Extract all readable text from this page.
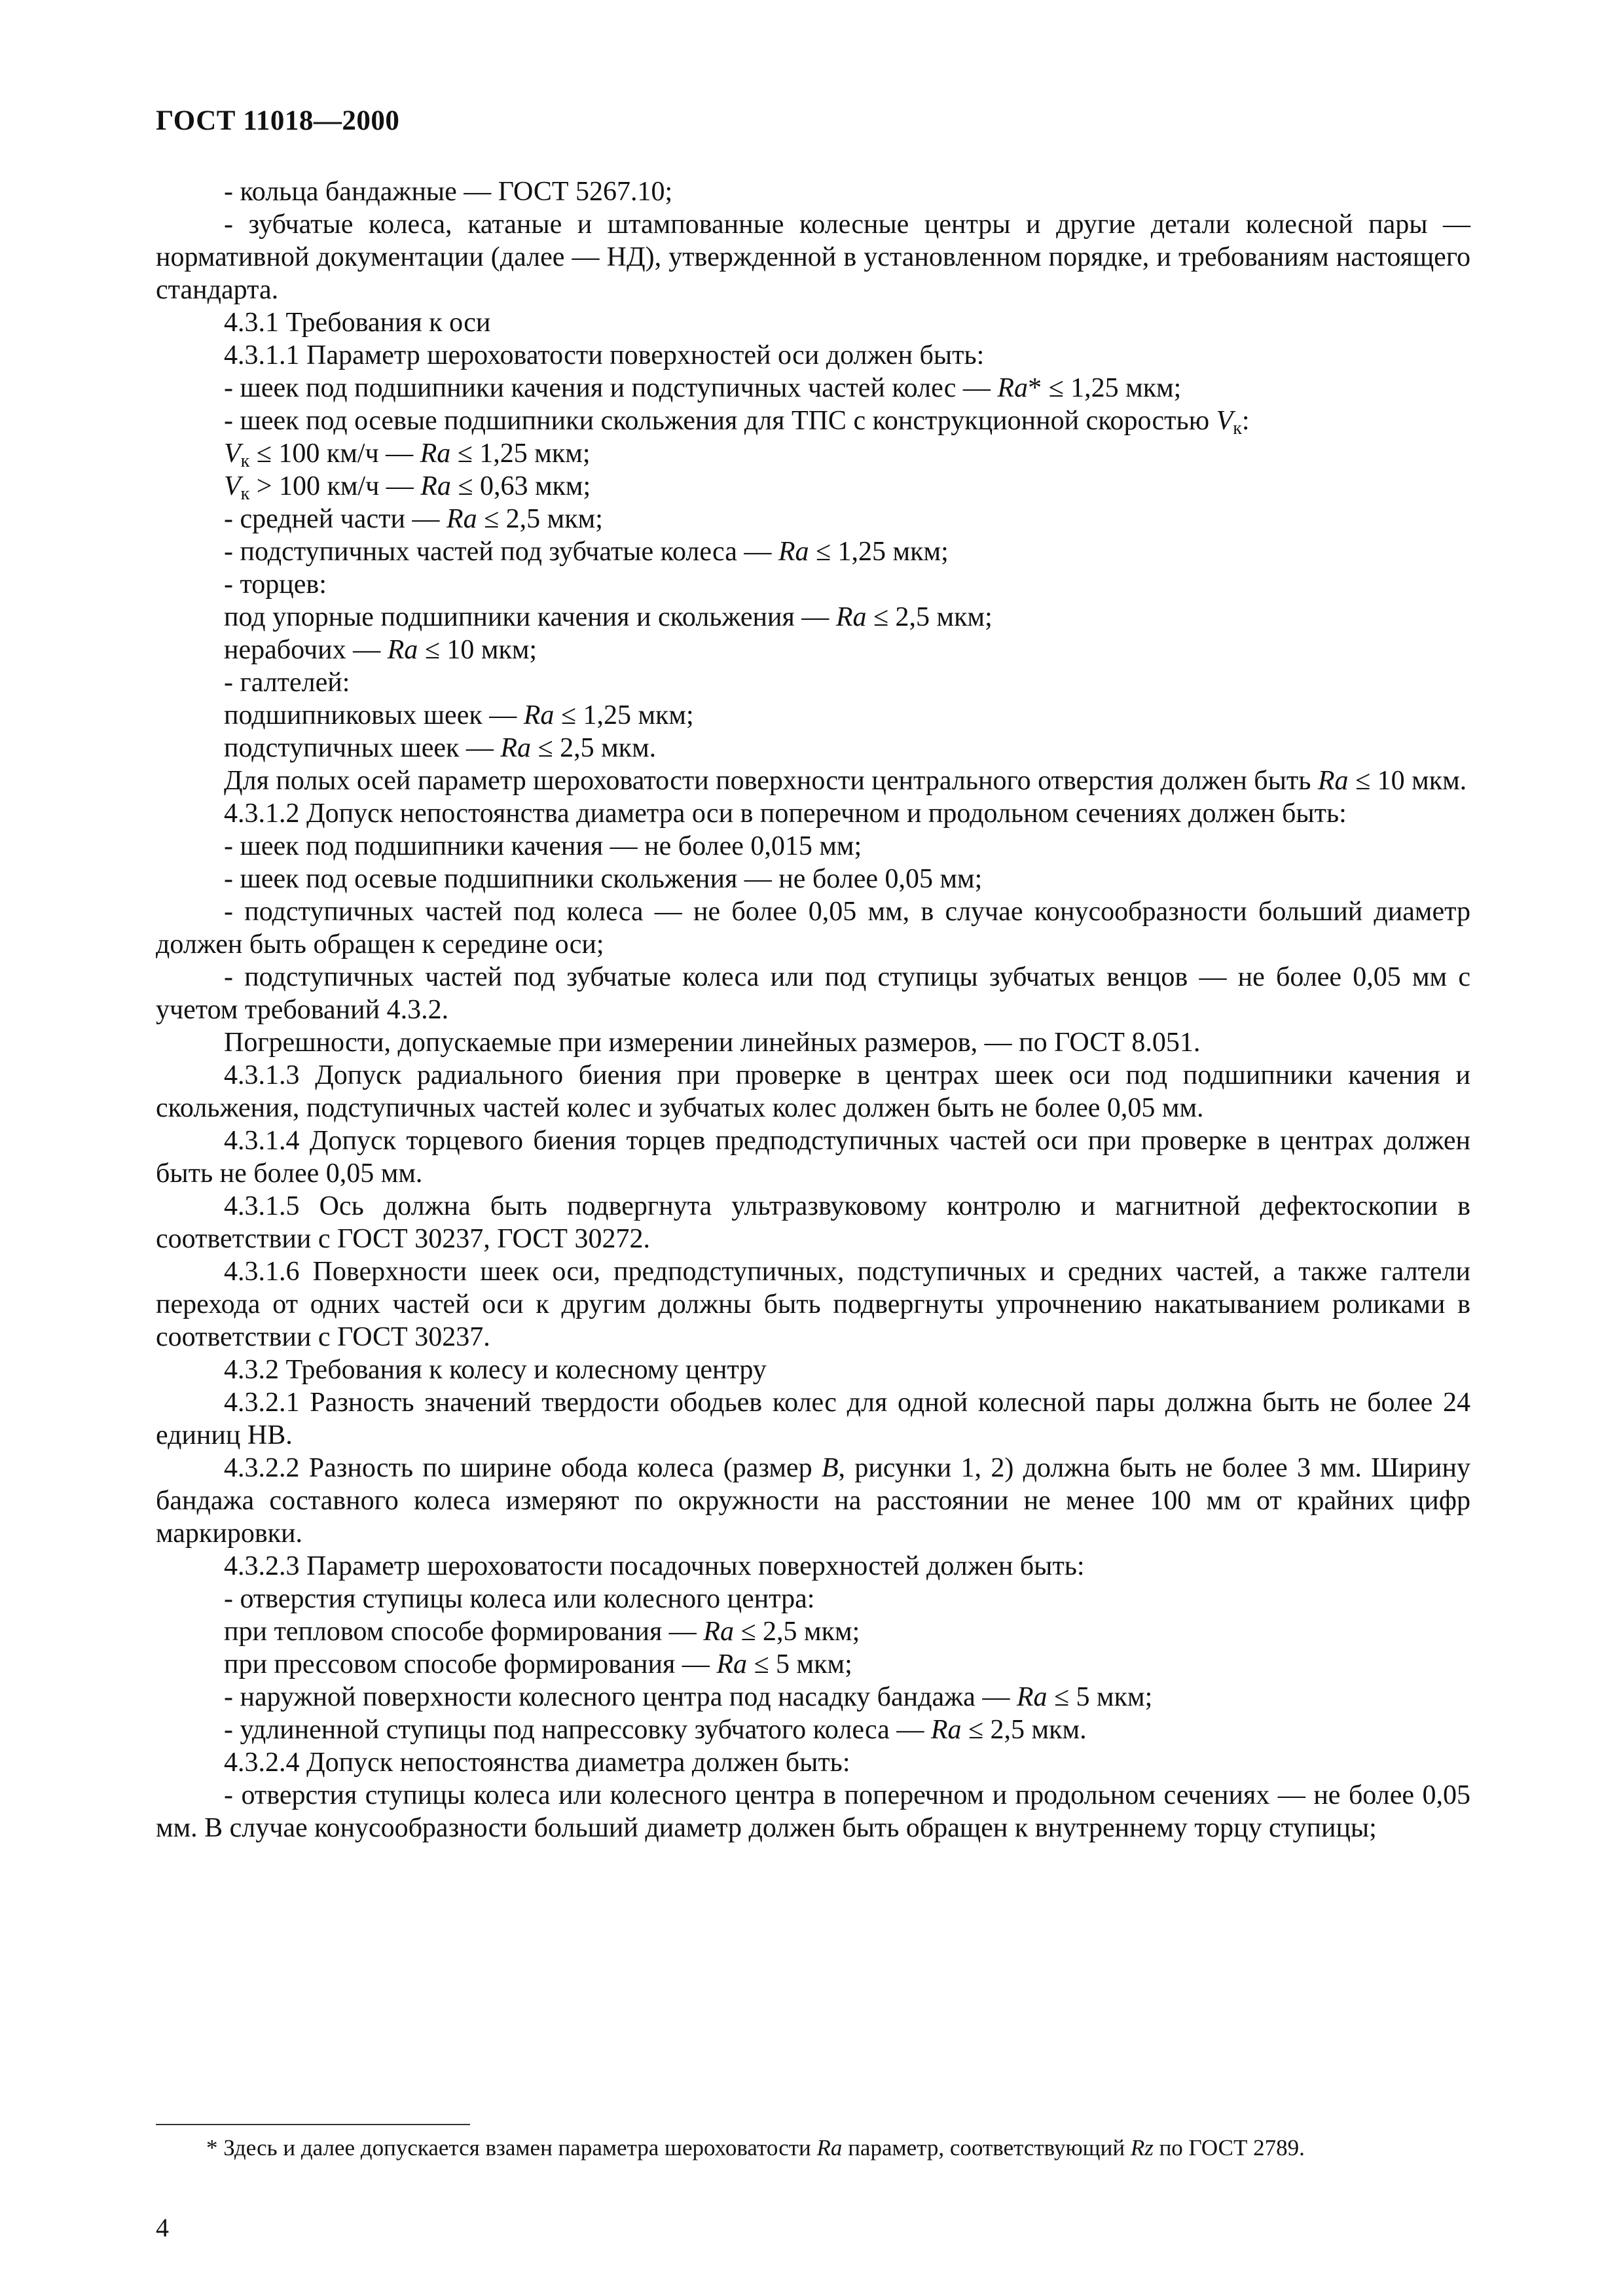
ГОСТ 11018—2000

- кольца бандажные — ГОСТ 5267.10;

- зубчатые колеса, катаные и штампованные колесные центры и другие детали колесной пары — нормативной документации (далее — НД), утвержденной в установленном порядке, и требованиям настоящего стандарта.

4.3.1 Требования к оси

4.3.1.1 Параметр шероховатости поверхностей оси должен быть:

- шеек под подшипники качения и подступичных частей колес — Ra* ≤ 1,25 мкм;

- шеек под осевые подшипники скольжения для ТПС с конструкционной скоростью $V_к$:

$V_к \le 100$ км/ч — Ra ≤ 1,25 мкм;

$V_к > 100$ км/ч — Ra ≤ 0,63 мкм;

- средней части — Ra ≤ 2,5 мкм;

- подступичных частей под зубчатые колеса — Ra ≤ 1,25 мкм;

- торцев:

под упорные подшипники качения и скольжения — Ra ≤ 2,5 мкм;

нерабочих — Ra ≤ 10 мкм;

- галтелей:

подшипниковых шеек — Ra ≤ 1,25 мкм;

подступичных шеек — Ra ≤ 2,5 мкм.

Для полых осей параметр шероховатости поверхности центрального отверстия должен быть Ra ≤ 10 мкм.

4.3.1.2 Допуск непостоянства диаметра оси в поперечном и продольном сечениях должен быть:

- шеек под подшипники качения — не более 0,015 мм;

- шеек под осевые подшипники скольжения — не более 0,05 мм;

- подступичных частей под колеса — не более 0,05 мм, в случае конусообразности больший диаметр должен быть обращен к середине оси;

- подступичных частей под зубчатые колеса или под ступицы зубчатых венцов — не более 0,05 мм с учетом требований 4.3.2.

Погрешности, допускаемые при измерении линейных размеров, — по ГОСТ 8.051.

4.3.1.3 Допуск радиального биения при проверке в центрах шеек оси под подшипники качения и скольжения, подступичных частей колес и зубчатых колес должен быть не более 0,05 мм.

4.3.1.4 Допуск торцевого биения торцев предподступичных частей оси при проверке в центрах должен быть не более 0,05 мм.

4.3.1.5 Ось должна быть подвергнута ультразвуковому контролю и магнитной дефектоскопии в соответствии с ГОСТ 30237, ГОСТ 30272.

4.3.1.6 Поверхности шеек оси, предподступичных, подступичных и средних частей, а также галтели перехода от одних частей оси к другим должны быть подвергнуты упрочнению накатыванием роликами в соответствии с ГОСТ 30237.

4.3.2 Требования к колесу и колесному центру

4.3.2.1 Разность значений твердости ободьев колес для одной колесной пары должна быть не более 24 единиц НВ.

4.3.2.2 Разность по ширине обода колеса (размер В, рисунки 1, 2) должна быть не более 3 мм. Ширину бандажа составного колеса измеряют по окружности на расстоянии не менее 100 мм от крайних цифр маркировки.

4.3.2.3 Параметр шероховатости посадочных поверхностей должен быть:

- отверстия ступицы колеса или колесного центра:

при тепловом способе формирования — Ra ≤ 2,5 мкм;

при прессовом способе формирования — Ra ≤ 5 мкм;

- наружной поверхности колесного центра под насадку бандажа — Ra ≤ 5 мкм;

- удлиненной ступицы под напрессовку зубчатого колеса — Ra ≤ 2,5 мкм.

4.3.2.4 Допуск непостоянства диаметра должен быть:

- отверстия ступицы колеса или колесного центра в поперечном и продольном сечениях — не более 0,05 мм. В случае конусообразности больший диаметр должен быть обращен к внутреннему торцу ступицы;

* Здесь и далее допускается взамен параметра шероховатости Ra параметр, соответствующий Rz по ГОСТ 2789.

4
